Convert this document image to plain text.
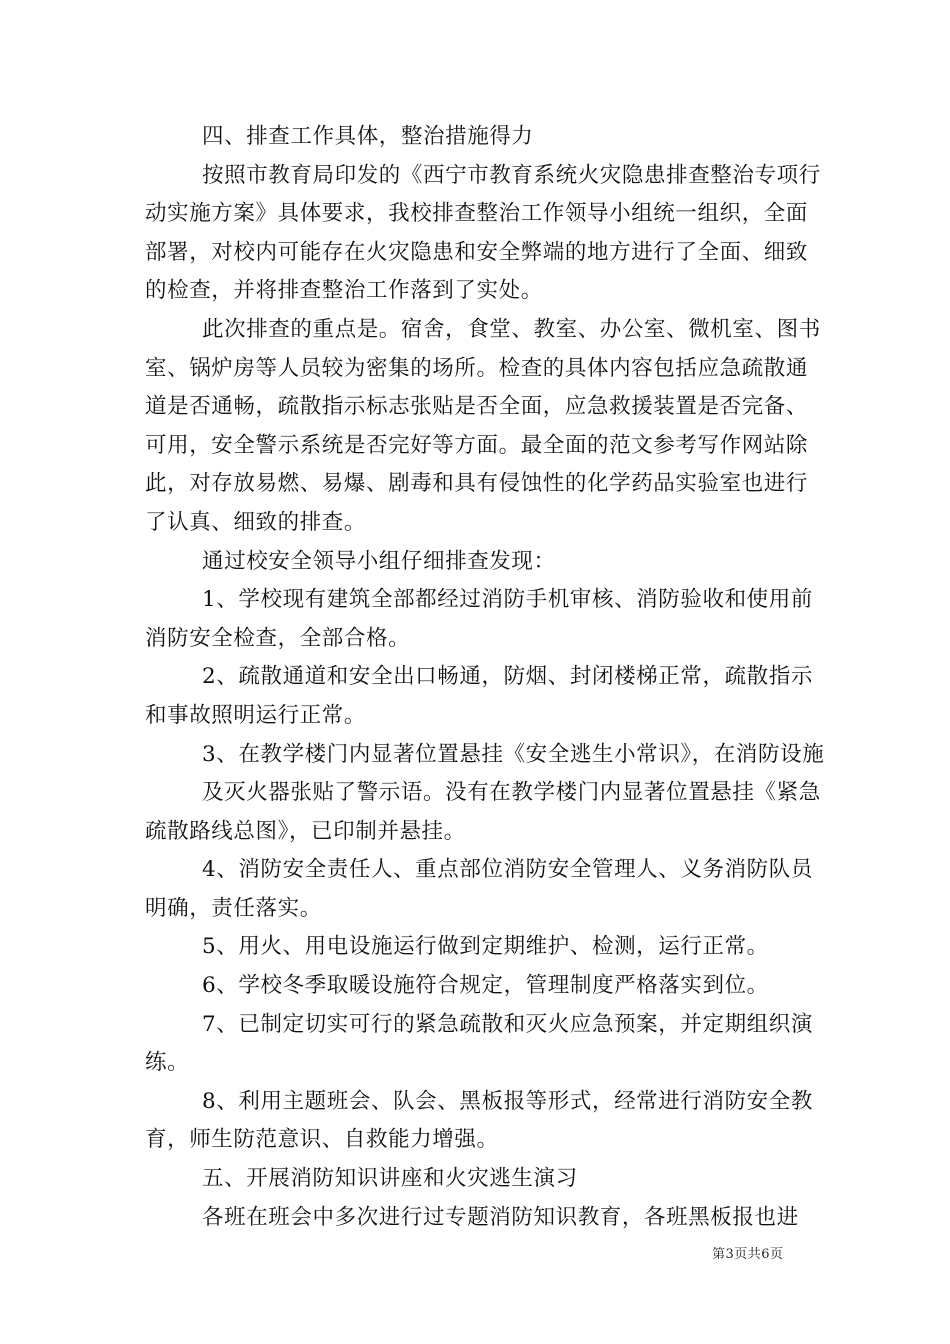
四、排查工作具体，整治措施得力

按照市教育局印发的《西宁市教育系统火灾隐患排查整治专项行动实施方案》具体要求，我校排查整治工作领导小组统一组织，全面部署，对校内可能存在火灾隐患和安全弊端的地方进行了全面、细致的检查，并将排查整治工作落到了实处。

此次排查的重点是。宿舍，食堂、教室、办公室、微机室、图书室、锅炉房等人员较为密集的场所。检查的具体内容包括应急疏散通道是否通畅，疏散指示标志张贴是否全面，应急救援装置是否完备、可用，安全警示系统是否完好等方面。最全面的范文参考写作网站除此，对存放易燃、易爆、剧毒和具有侵蚀性的化学药品实验室也进行了认真、细致的排查。

通过校安全领导小组仔细排查发现：

1、学校现有建筑全部都经过消防手机审核、消防验收和使用前消防安全检查，全部合格。

2、疏散通道和安全出口畅通，防烟、封闭楼梯正常，疏散指示和事故照明运行正常。

3、在教学楼门内显著位置悬挂《安全逃生小常识》，在消防设施

及灭火器张贴了警示语。没有在教学楼门内显著位置悬挂《紧急疏散路线总图》，已印制并悬挂。

4、消防安全责任人、重点部位消防安全管理人、义务消防队员明确，责任落实。

5、用火、用电设施运行做到定期维护、检测，运行正常。

6、学校冬季取暖设施符合规定，管理制度严格落实到位。

7、已制定切实可行的紧急疏散和灭火应急预案，并定期组织演练。

8、利用主题班会、队会、黑板报等形式，经常进行消防安全教育，师生防范意识、自救能力增强。

五、开展消防知识讲座和火灾逃生演习

各班在班会中多次进行过专题消防知识教育，各班黑板报也进

第3页共6页
